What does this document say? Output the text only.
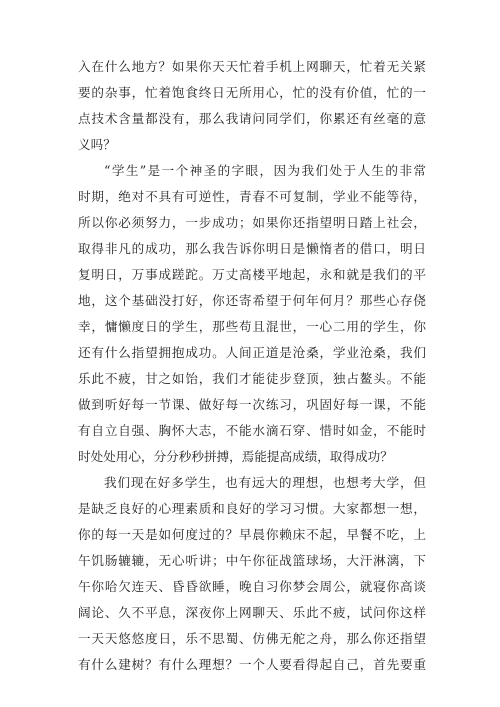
入在什么地方？如果你天天忙着手机上网聊天，忙着无关紧
要的杂事，忙着饱食终日无所用心，忙的没有价值，忙的一
点技术含量都没有，那么我请问同学们，你累还有丝毫的意
义吗？
“学生”是一个神圣的字眼，因为我们处于人生的非常
时期，绝对不具有可逆性，青春不可复制，学业不能等待，
所以你必须努力，一步成功；如果你还指望明日踏上社会，
取得非凡的成功，那么我告诉你明日是懒惰者的借口，明日
复明日，万事成蹉跎。万丈高楼平地起，永和就是我们的平
地，这个基础没打好，你还寄希望于何年何月？那些心存侥
幸，慵懒度日的学生，那些苟且混世，一心二用的学生，你
还有什么指望拥抱成功。人间正道是沧桑，学业沧桑，我们
乐此不疲，甘之如饴，我们才能徒步登顶，独占鳌头。不能
做到听好每一节课、做好每一次练习，巩固好每一课，不能
有自立自强、胸怀大志，不能水滴石穿、惜时如金，不能时
时处处用心，分分秒秒拼搏，焉能提高成绩，取得成功？
我们现在好多学生，也有远大的理想，也想考大学，但
是缺乏良好的心理素质和良好的学习习惯。大家都想一想，
你的每一天是如何度过的？早晨你赖床不起，早餐不吃，上
午饥肠辘辘，无心听讲；中午你征战篮球场，大汗淋漓，下
午你哈欠连天、昏昏欲睡，晚自习你梦会周公，就寝你高谈
阔论、久不平息，深夜你上网聊天、乐此不疲，试问你这样
一天天悠悠度日，乐不思蜀、仿佛无舵之舟，那么你还指望
有什么建树？有什么理想？一个人要看得起自己，首先要重
